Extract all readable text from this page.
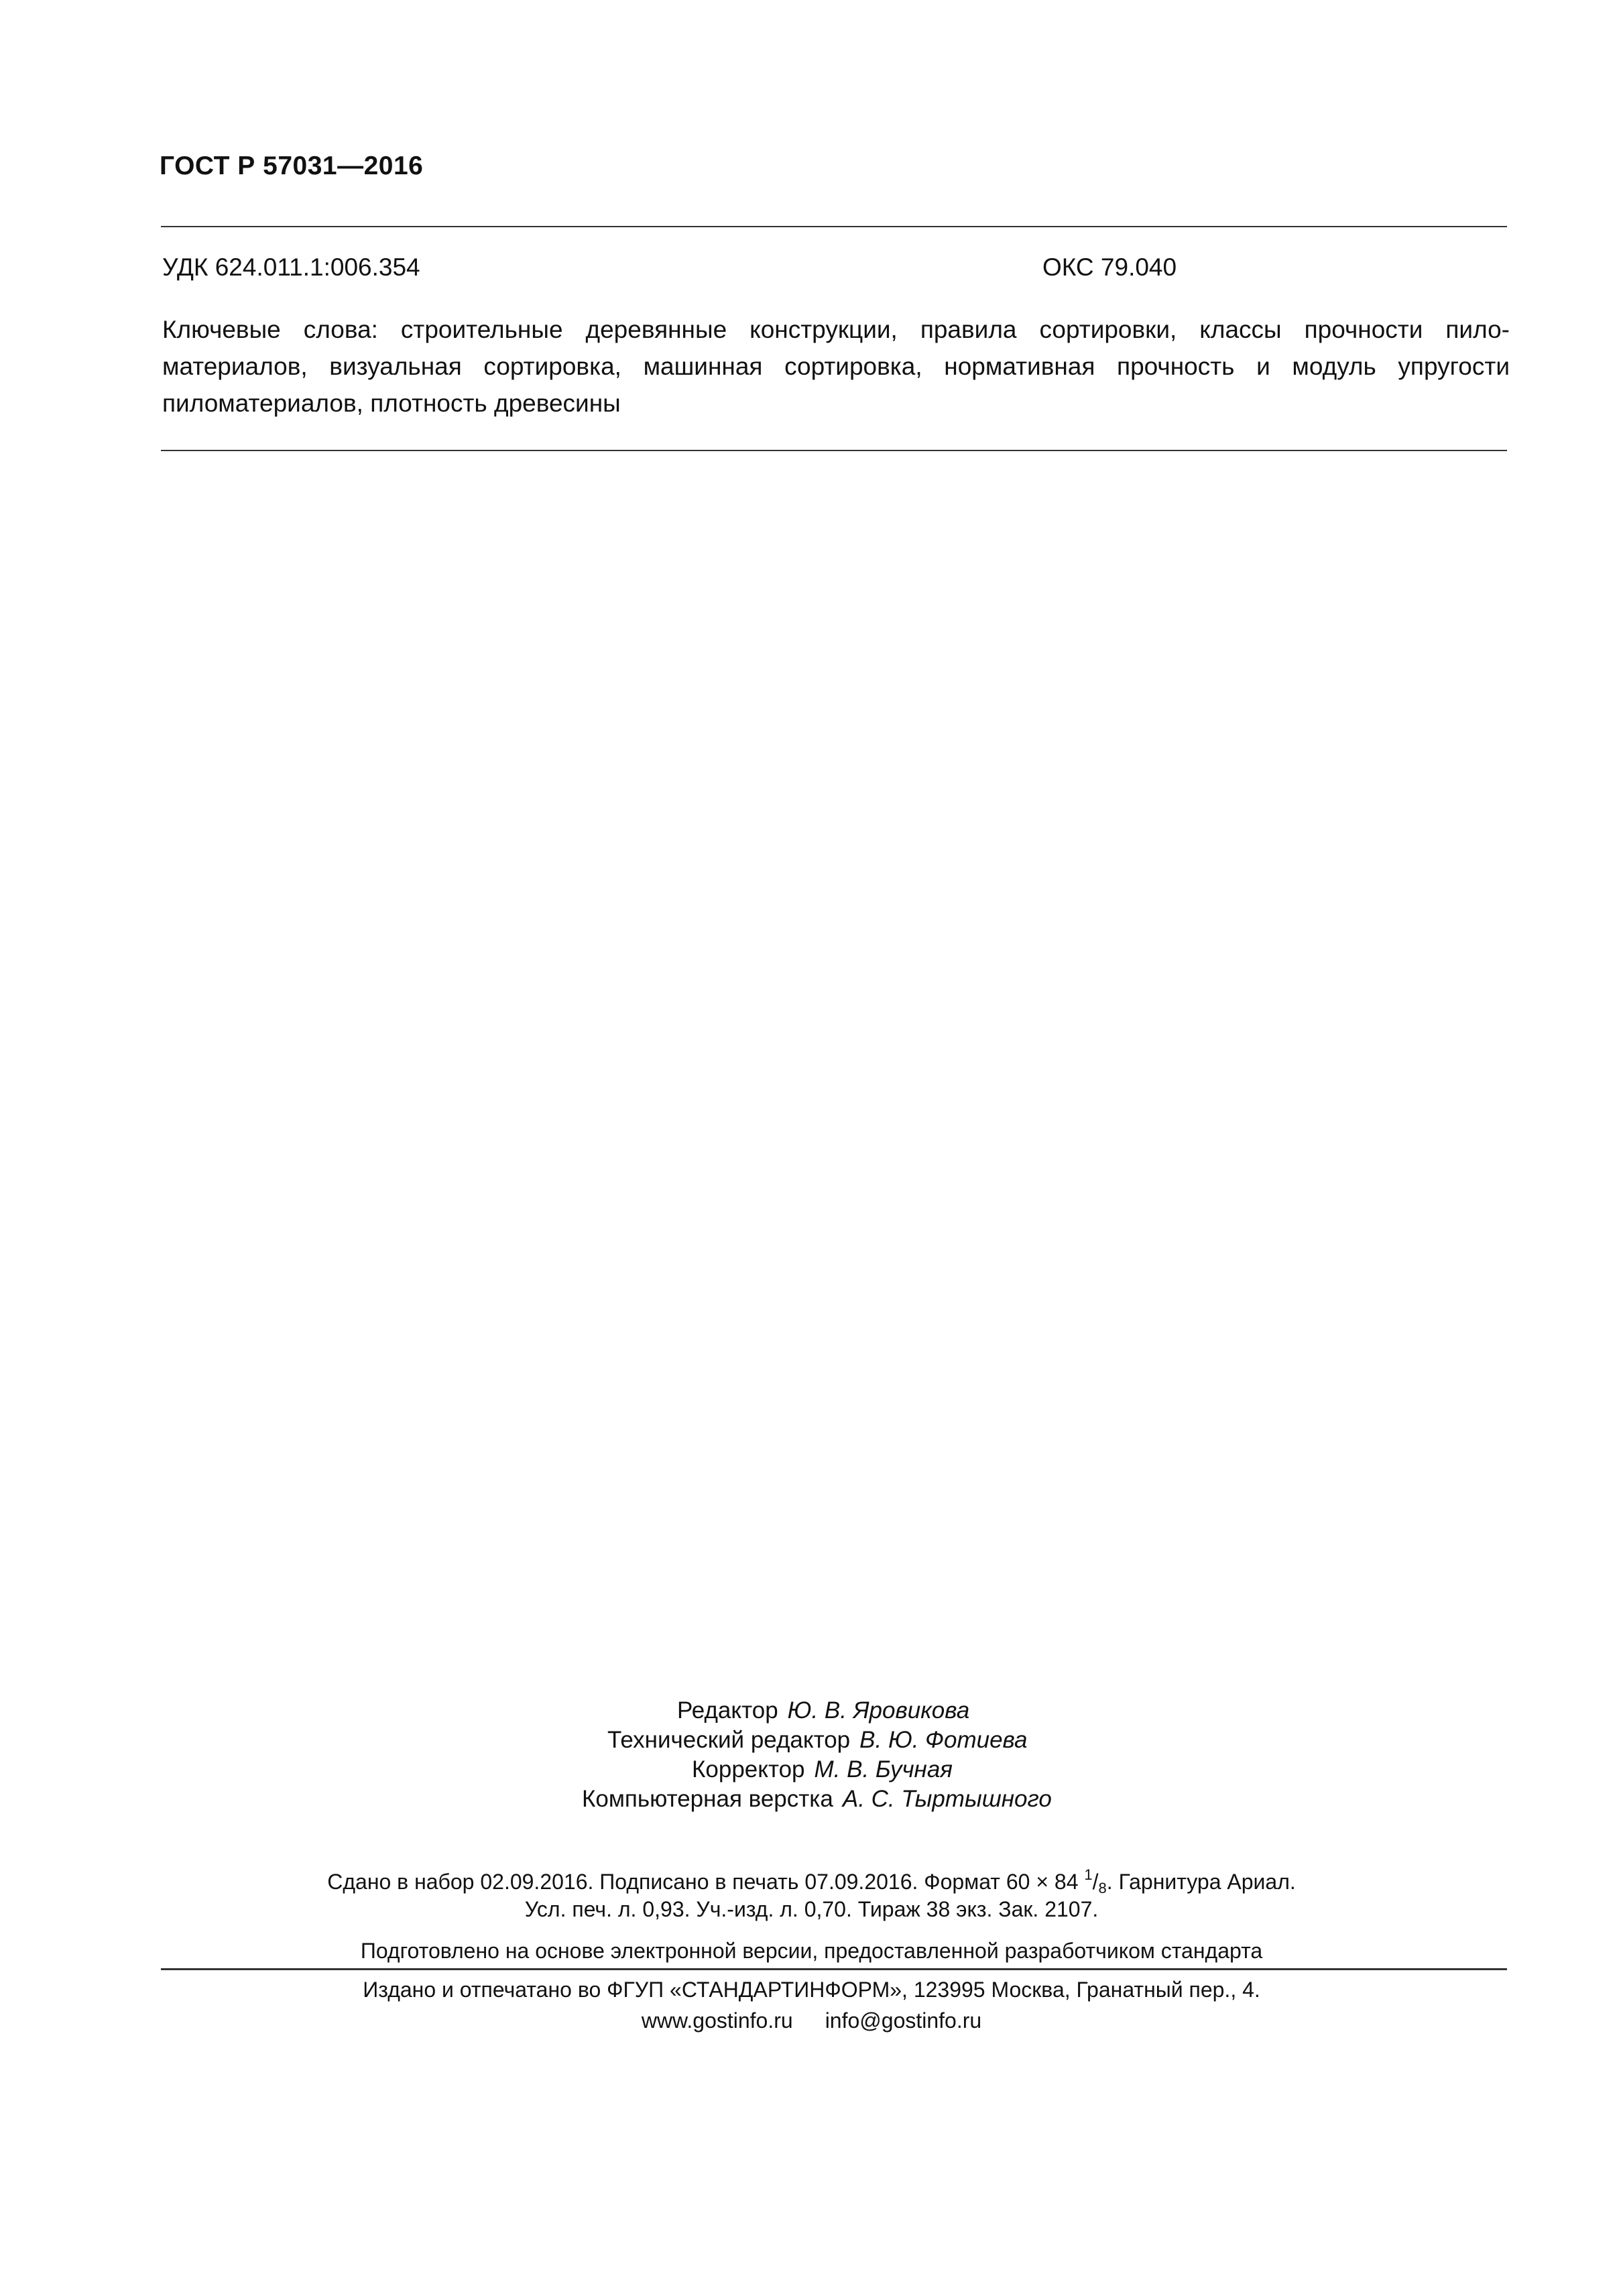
ГОСТ Р 57031—2016
УДК 624.011.1:006.354	ОКС 79.040
Ключевые слова: строительные деревянные конструкции, правила сортировки, классы прочности пило-
материалов, визуальная сортировка, машинная сортировка, нормативная прочность и модуль упругости
пиломатериалов, плотность древесины
Редактор Ю. В. Яровикова
Технический редактор В. Ю. Фотиева
Корректор М. В. Бучная
Компьютерная верстка А. С. Тыртышного
Сдано в набор 02.09.2016. Подписано в печать 07.09.2016. Формат 60 × 84 $^1/_8$. Гарнитура Ариал.
Усл. печ. л. 0,93. Уч.-изд. л. 0,70. Тираж 38 экз. Зак. 2107.
Подготовлено на основе электронной версии, предоставленной разработчиком стандарта
Издано и отпечатано во ФГУП «СТАНДАРТИНФОРМ», 123995 Москва, Гранатный пер., 4.
www.gostinfo.ru info@gostinfo.ru
